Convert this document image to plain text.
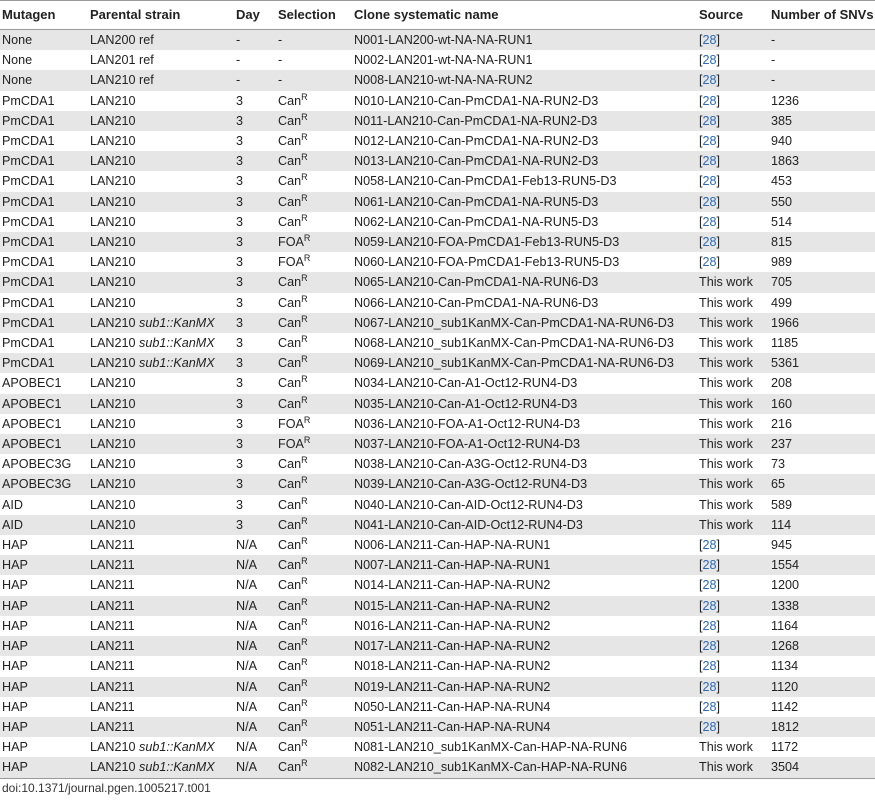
Mutagen	Parental strain	Day	Selection	Clone systematic name	Source	Number of SNVs
None	LAN200 ref	-	-	N001-LAN200-wt-NA-NA-RUN1	[28]	-
None	LAN201 ref	-	-	N002-LAN201-wt-NA-NA-RUN1	[28]	-
None	LAN210 ref	-	-	N008-LAN210-wt-NA-NA-RUN2	[28]	-
PmCDA1	LAN210	3	Can$^R$	N010-LAN210-Can-PmCDA1-NA-RUN2-D3	[28]	1236
PmCDA1	LAN210	3	Can$^R$	N011-LAN210-Can-PmCDA1-NA-RUN2-D3	[28]	385
PmCDA1	LAN210	3	Can$^R$	N012-LAN210-Can-PmCDA1-NA-RUN2-D3	[28]	940
PmCDA1	LAN210	3	Can$^R$	N013-LAN210-Can-PmCDA1-NA-RUN2-D3	[28]	1863
PmCDA1	LAN210	3	Can$^R$	N058-LAN210-Can-PmCDA1-Feb13-RUN5-D3	[28]	453
PmCDA1	LAN210	3	Can$^R$	N061-LAN210-Can-PmCDA1-NA-RUN5-D3	[28]	550
PmCDA1	LAN210	3	Can$^R$	N062-LAN210-Can-PmCDA1-NA-RUN5-D3	[28]	514
PmCDA1	LAN210	3	$FOA^R$	N059-LAN210-FOA-PmCDA1-Feb13-RUN5-D3	[28]	815
PmCDA1	LAN210	3	$FOA^R$	N060-LAN210-FOA-PmCDA1-Feb13-RUN5-D3	[28]	989
PmCDA1	LAN210	3	Can$^R$	N065-LAN210-Can-PmCDA1-NA-RUN6-D3	This work	705
PmCDA1	LAN210	3	Can$^R$	N066-LAN210-Can-PmCDA1-NA-RUN6-D3	This work	499
PmCDA1	LAN210 sub1::KanMX	3	Can$^R$	N067-LAN210_sub1KanMX-Can-PmCDA1-NA-RUN6-D3	This work	1966
PmCDA1	LAN210 sub1::KanMX	3	Can$^R$	N068-LAN210_sub1KanMX-Can-PmCDA1-NA-RUN6-D3	This work	1185
PmCDA1	LAN210 sub1::KanMX	3	Can$^R$	N069-LAN210_sub1KanMX-Can-PmCDA1-NA-RUN6-D3	This work	5361
APOBEC1	LAN210	3	Can$^R$	N034-LAN210-Can-A1-Oct12-RUN4-D3	This work	208
APOBEC1	LAN210	3	Can$^R$	N035-LAN210-Can-A1-Oct12-RUN4-D3	This work	160
APOBEC1	LAN210	3	$FOA^R$	N036-LAN210-FOA-A1-Oct12-RUN4-D3	This work	216
APOBEC1	LAN210	3	$FOA^R$	N037-LAN210-FOA-A1-Oct12-RUN4-D3	This work	237
APOBEC3G	LAN210	3	Can$^R$	N038-LAN210-Can-A3G-Oct12-RUN4-D3	This work	73
APOBEC3G	LAN210	3	Can$^R$	N039-LAN210-Can-A3G-Oct12-RUN4-D3	This work	65
AID	LAN210	3	Can$^R$	N040-LAN210-Can-AID-Oct12-RUN4-D3	This work	589
AID	LAN210	3	Can$^R$	N041-LAN210-Can-AID-Oct12-RUN4-D3	This work	114
HAP	LAN211	N/A	Can$^R$	N006-LAN211-Can-HAP-NA-RUN1	[28]	945
HAP	LAN211	N/A	Can$^R$	N007-LAN211-Can-HAP-NA-RUN1	[28]	1554
HAP	LAN211	N/A	Can$^R$	N014-LAN211-Can-HAP-NA-RUN2	[28]	1200
HAP	LAN211	N/A	Can$^R$	N015-LAN211-Can-HAP-NA-RUN2	[28]	1338
HAP	LAN211	N/A	Can$^R$	N016-LAN211-Can-HAP-NA-RUN2	[28]	1164
HAP	LAN211	N/A	Can$^R$	N017-LAN211-Can-HAP-NA-RUN2	[28]	1268
HAP	LAN211	N/A	Can$^R$	N018-LAN211-Can-HAP-NA-RUN2	[28]	1134
HAP	LAN211	N/A	Can$^R$	N019-LAN211-Can-HAP-NA-RUN2	[28]	1120
HAP	LAN211	N/A	Can$^R$	N050-LAN211-Can-HAP-NA-RUN4	[28]	1142
HAP	LAN211	N/A	Can$^R$	N051-LAN211-Can-HAP-NA-RUN4	[28]	1812
HAP	LAN210 sub1::KanMX	N/A	Can$^R$	N081-LAN210_sub1KanMX-Can-HAP-NA-RUN6	This work	1172
HAP	LAN210 sub1::KanMX	N/A	Can$^R$	N082-LAN210_sub1KanMX-Can-HAP-NA-RUN6	This work	3504
doi:10.1371/journal.pgen.1005217.t001
